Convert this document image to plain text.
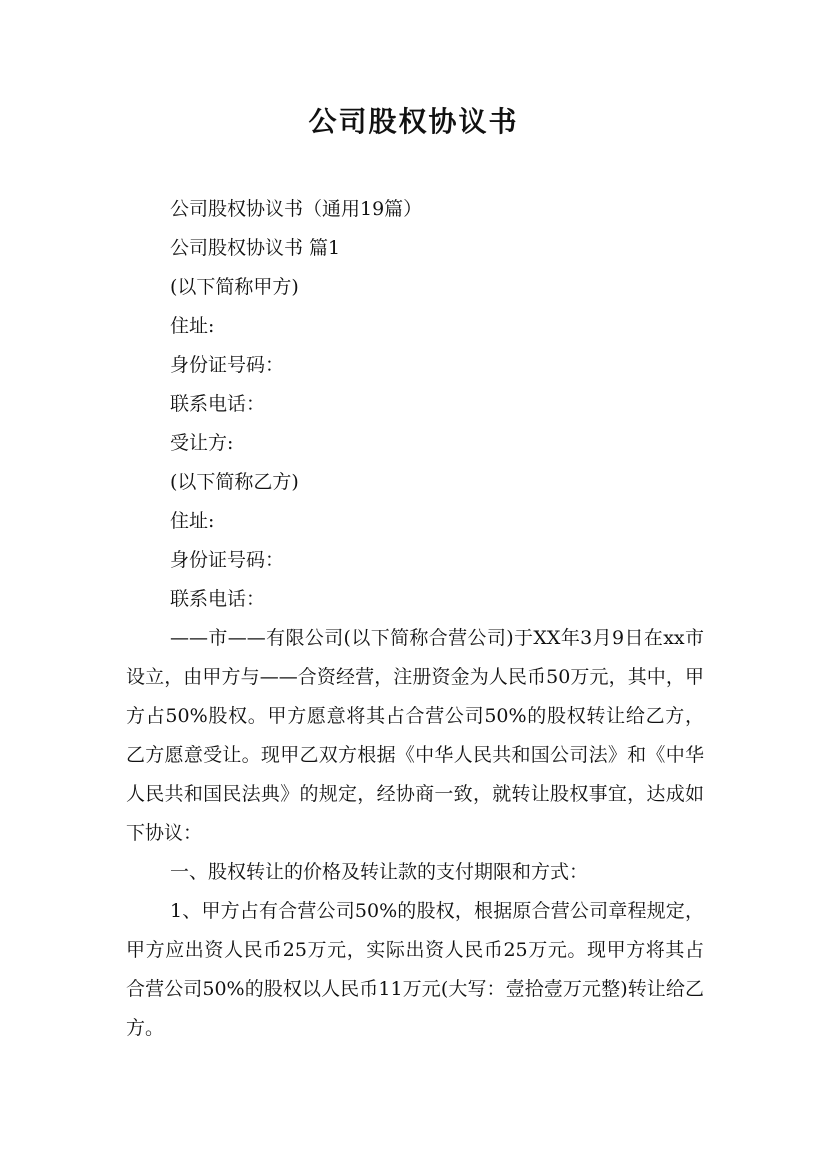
公司股权协议书

公司股权协议书（通用19篇）

公司股权协议书 篇1

(以下简称甲方)

住址:

身份证号码：

联系电话：

受让方:

(以下简称乙方)

住址:

身份证号码：

联系电话：

——市——有限公司(以下简称合营公司)于XX年3月9日在xx市设立，由甲方与——合资经营，注册资金为人民币50万元，其中，甲方占50%股权。甲方愿意将其占合营公司50%的股权转让给乙方，乙方愿意受让。现甲乙双方根据《中华人民共和国公司法》和《中华人民共和国民法典》的规定，经协商一致，就转让股权事宜，达成如下协议：

一、股权转让的价格及转让款的支付期限和方式：

1、甲方占有合营公司50%的股权，根据原合营公司章程规定，甲方应出资人民币25万元，实际出资人民币25万元。现甲方将其占合营公司50%的股权以人民币11万元(大写：壹拾壹万元整)转让给乙方。
